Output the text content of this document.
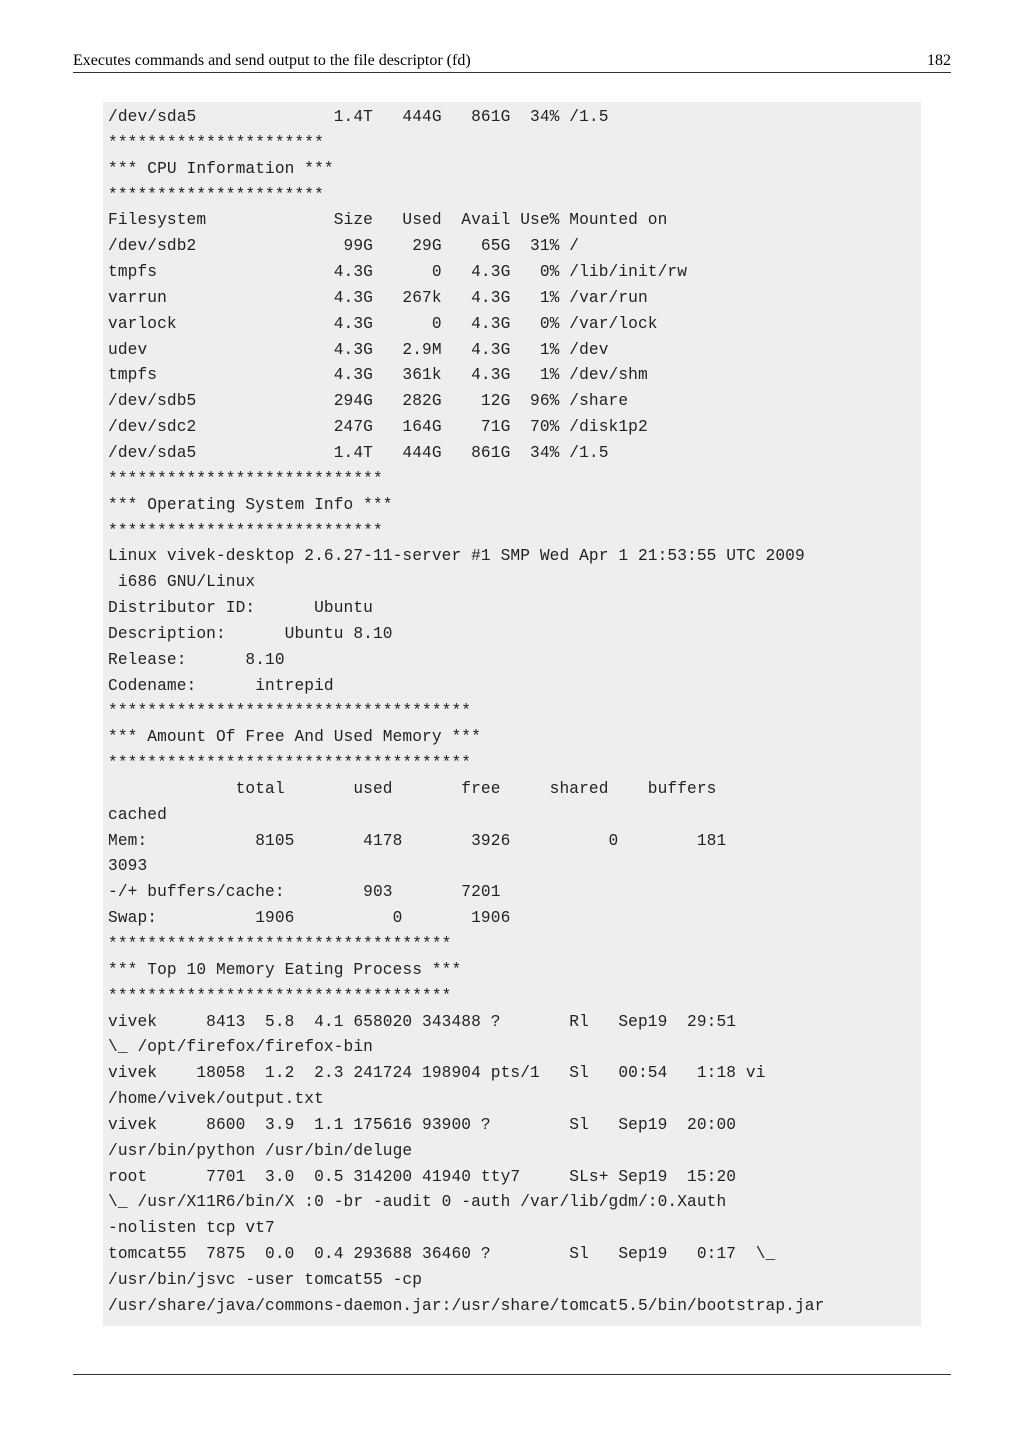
Executes commands and send output to the file descriptor (fd)	182
/dev/sda5              1.4T   444G   861G  34% /1.5
**********************
*** CPU Information ***
**********************
Filesystem             Size   Used  Avail Use% Mounted on
/dev/sdb2               99G    29G    65G  31% /
tmpfs                  4.3G      0   4.3G   0% /lib/init/rw
varrun                 4.3G   267k   4.3G   1% /var/run
varlock                4.3G      0   4.3G   0% /var/lock
udev                   4.3G   2.9M   4.3G   1% /dev
tmpfs                  4.3G   361k   4.3G   1% /dev/shm
/dev/sdb5              294G   282G    12G  96% /share
/dev/sdc2              247G   164G    71G  70% /disk1p2
/dev/sda5              1.4T   444G   861G  34% /1.5
****************************
*** Operating System Info ***
****************************
Linux vivek-desktop 2.6.27-11-server #1 SMP Wed Apr 1 21:53:55 UTC 2009
i686 GNU/Linux
Distributor ID:      Ubuntu
Description:      Ubuntu 8.10
Release:      8.10
Codename:      intrepid
*************************************
*** Amount Of Free And Used Memory ***
*************************************
total       used       free     shared    buffers
cached
Mem:           8105       4178       3926          0        181
3093
-/+ buffers/cache:        903       7201
Swap:          1906          0       1906
***********************************
*** Top 10 Memory Eating Process ***
***********************************
vivek     8413  5.8  4.1 658020 343488 ?       Rl   Sep19  29:51
\_ /opt/firefox/firefox-bin
vivek    18058  1.2  2.3 241724 198904 pts/1   Sl   00:54   1:18 vi
/home/vivek/output.txt
vivek     8600  3.9  1.1 175616 93900 ?        Sl   Sep19  20:00
/usr/bin/python /usr/bin/deluge
root      7701  3.0  0.5 314200 41940 tty7     SLs+ Sep19  15:20
\_ /usr/X11R6/bin/X :0 -br -audit 0 -auth /var/lib/gdm/:0.Xauth
-nolisten tcp vt7
tomcat55  7875  0.0  0.4 293688 36460 ?        Sl   Sep19   0:17  \_
/usr/bin/jsvc -user tomcat55 -cp
/usr/share/java/commons-daemon.jar:/usr/share/tomcat5.5/bin/bootstrap.jar
